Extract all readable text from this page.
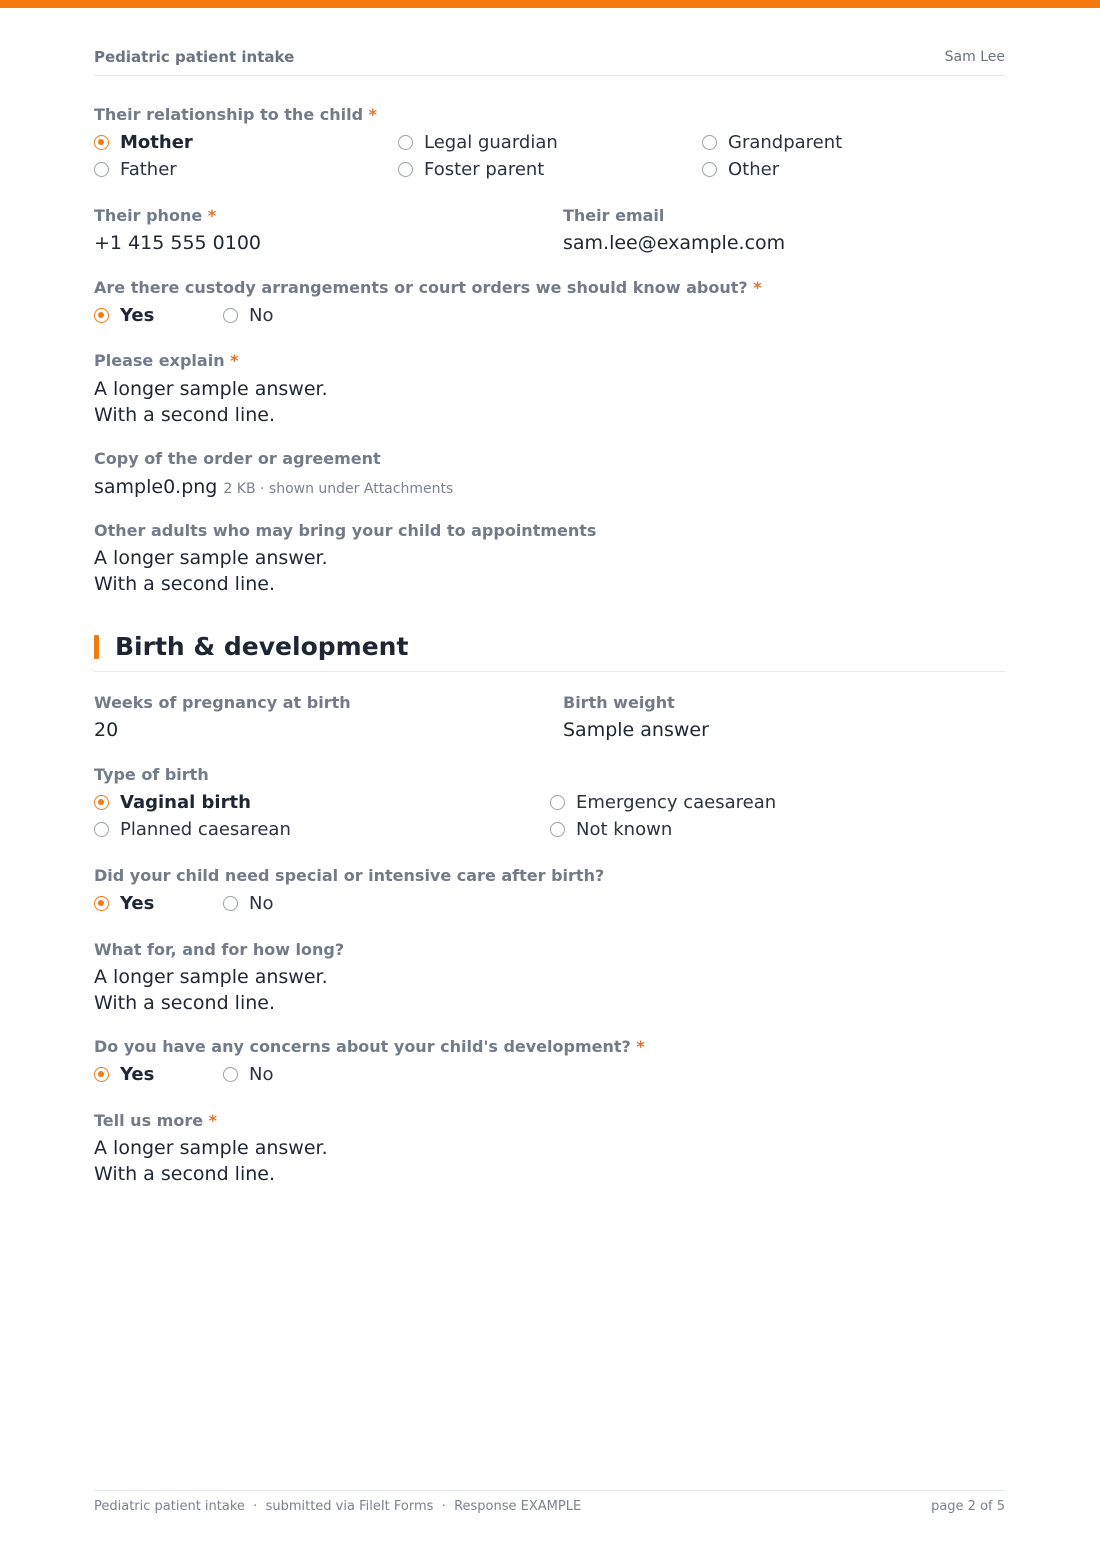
Pediatric patient intake	Sam Lee
Their relationship to the child *
Mother	Legal guardian	Grandparent
Father	Foster parent	Other
Their phone *
+1 415 555 0100
Their email
sam.lee@example.com
Are there custody arrangements or court orders we should know about? *
Yes	No
Please explain *
A longer sample answer.
With a second line.
Copy of the order or agreement
sample0.png 2 KB · shown under Attachments
Other adults who may bring your child to appointments
A longer sample answer.
With a second line.
Birth & development
Weeks of pregnancy at birth
20
Birth weight
Sample answer
Type of birth
Vaginal birth	Emergency caesarean
Planned caesarean	Not known
Did your child need special or intensive care after birth?
Yes	No
What for, and for how long?
A longer sample answer.
With a second line.
Do you have any concerns about your child's development? *
Yes	No
Tell us more *
A longer sample answer.
With a second line.
Pediatric patient intake  ·  submitted via FileIt Forms  ·  Response EXAMPLE	page 2 of 5
